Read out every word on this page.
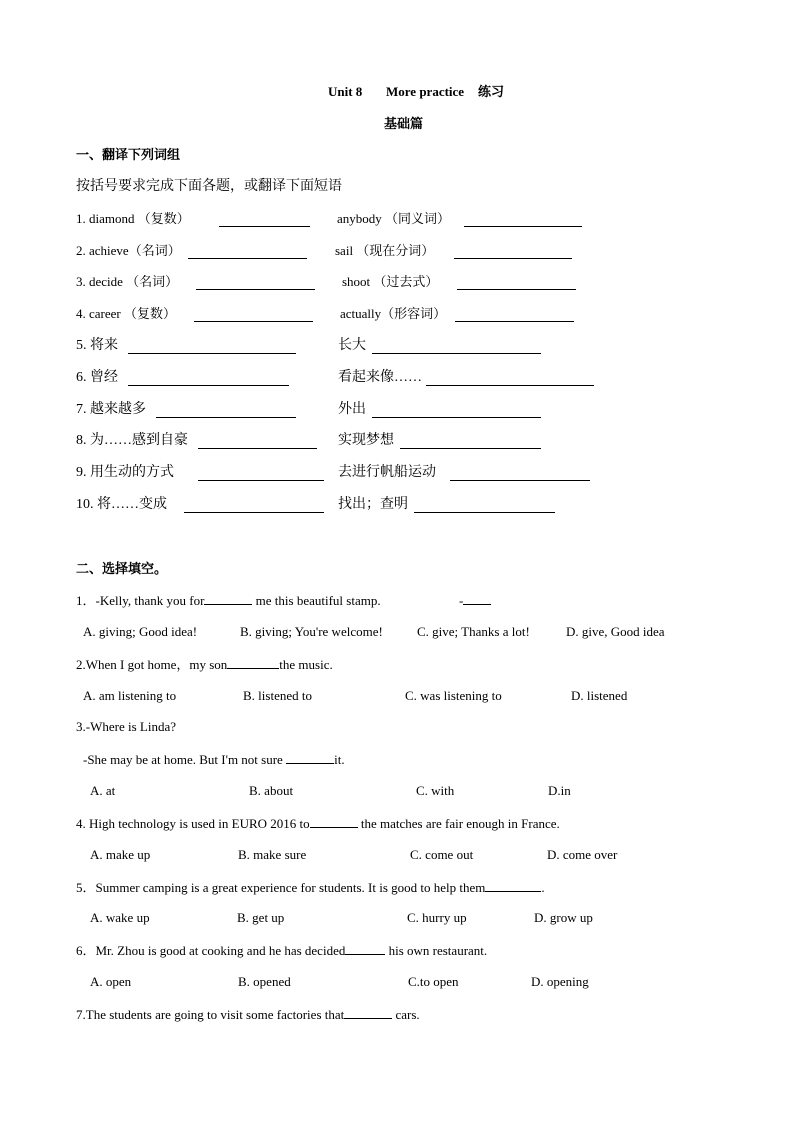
Unit 8 More practice 练习
基础篇
一、翻译下列词组
按括号要求完成下面各题，或翻译下面短语
1. diamond （复数）	anybody （同义词）
2. achieve（名词）	sail （现在分词）
3. decide （名词）	shoot （过去式）
4. career （复数）	actually（形容词）
5. 将来	长大
6. 曾经	看起来像……
7. 越来越多	外出
8. 为……感到自豪	实现梦想
9. 用生动的方式	去进行帆船运动
10. 将……变成	找出；查明
二、选择填空。
1．-Kelly, thank you for	me this beautiful stamp.	-
A. giving; Good idea!	B. giving; You're welcome!	C. give; Thanks a lot!	D. give, Good idea
2.When I got home，my son	the music.
A. am listening to	B. listened to	C. was listening to	D. listened
3.-Where is Linda?
-She may be at home. But I'm not sure	it.
A. at	B. about	C. with	D.in
4. High technology is used in EURO 2016 to	the matches are fair enough in France.
A. make up	B. make sure	C. come out	D. come over
5．Summer camping is a great experience for students. It is good to help them	.
A. wake up	B. get up	C. hurry up	D. grow up
6．Mr. Zhou is good at cooking and he has decided	his own restaurant.
A. open	B. opened	C.to open	D. opening
7.The students are going to visit some factories that	cars.
